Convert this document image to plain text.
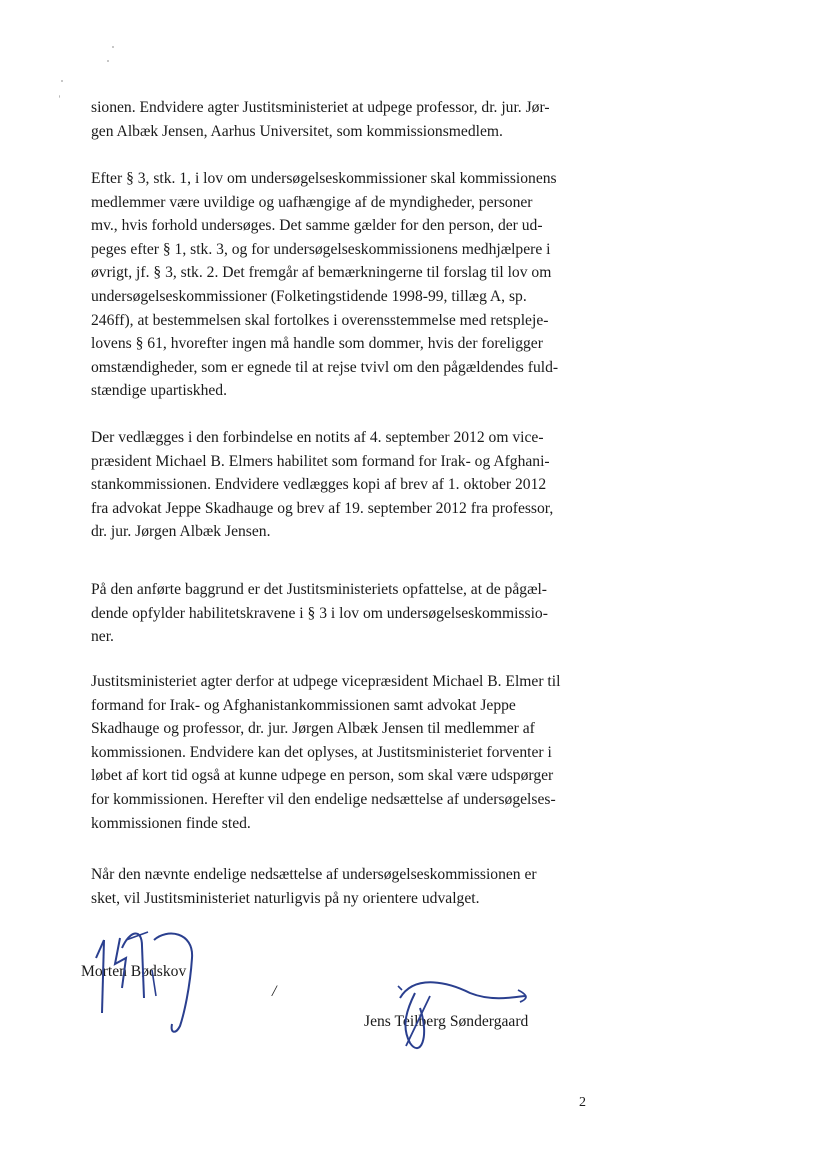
sionen. Endvidere agter Justitsministeriet at udpege professor, dr. jur. Jør-
gen Albæk Jensen, Aarhus Universitet, som kommissionsmedlem.

Efter § 3, stk. 1, i lov om undersøgelseskommissioner skal kommissionens
medlemmer være uvildige og uafhængige af de myndigheder, personer
mv., hvis forhold undersøges. Det samme gælder for den person, der ud-
peges efter § 1, stk. 3, og for undersøgelseskommissionens medhjælpere i
øvrigt, jf. § 3, stk. 2. Det fremgår af bemærkningerne til forslag til lov om
undersøgelseskommissioner (Folketingstidende 1998-99, tillæg A, sp.
246ff), at bestemmelsen skal fortolkes i overensstemmelse med retspleje-
lovens § 61, hvorefter ingen må handle som dommer, hvis der foreligger
omstændigheder, som er egnede til at rejse tvivl om den pågældendes fuld-
stændige upartiskhed.

Der vedlægges i den forbindelse en notits af 4. september 2012 om vice-
præsident Michael B. Elmers habilitet som formand for Irak- og Afghani-
stankommissionen. Endvidere vedlægges kopi af brev af 1. oktober 2012
fra advokat Jeppe Skadhauge og brev af 19. september 2012 fra professor,
dr. jur. Jørgen Albæk Jensen.

På den anførte baggrund er det Justitsministeriets opfattelse, at de pågæl-
dende opfylder habilitetskravene i § 3 i lov om undersøgelseskommissio-
ner.

Justitsministeriet agter derfor at udpege vicepræsident Michael B. Elmer til
formand for Irak- og Afghanistankommissionen samt advokat Jeppe
Skadhauge og professor, dr. jur. Jørgen Albæk Jensen til medlemmer af
kommissionen. Endvidere kan det oplyses, at Justitsministeriet forventer i
løbet af kort tid også at kunne udpege en person, som skal være udspørger
for kommissionen. Herefter vil den endelige nedsættelse af undersøgelses-
kommissionen finde sted.

Når den nævnte endelige nedsættelse af undersøgelseskommissionen er
sket, vil Justitsministeriet naturligvis på ny orientere udvalget.

Morten Bødskov
/
Jens Teilberg Søndergaard
2
